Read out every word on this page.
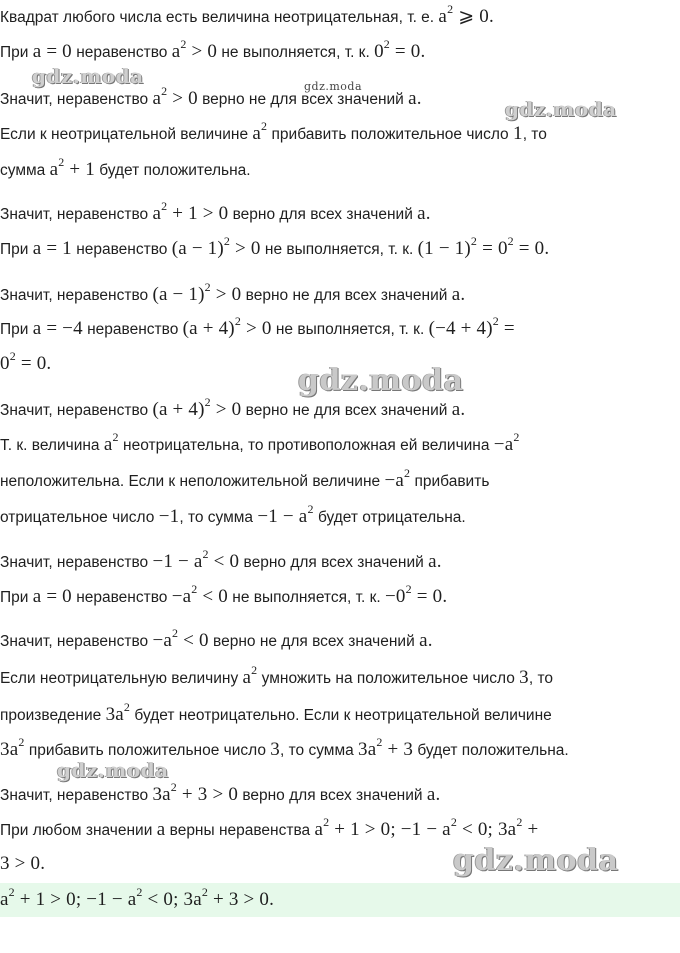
Квадрат любого числа есть величина неотрицательная, т. е. $a^2$ ⩾ 0.
При a = 0 неравенство $a^2 > 0$ не выполняется, т. к. $0^2 = 0$.
Значит, неравенство $a^2 > 0$ верно не для всех значений a.
Если к неотрицательной величине $a^2$ прибавить положительное число 1, то
сумма $a^2 + 1$ будет положительна.
Значит, неравенство $a^2 + 1 > 0$ верно для всех значений a.
При a = 1 неравенство $(a - 1)^2 > 0$ не выполняется, т. к. $(1 - 1)^2 = 0^2 = 0$.
Значит, неравенство $(a - 1)^2 > 0$ верно не для всех значений a.
При a = −4 неравенство $(a + 4)^2 > 0$ не выполняется, т. к. $(-4 + 4)^2$ =
$0^2 = 0$.
Значит, неравенство $(a + 4)^2 > 0$ верно не для всех значений a.
Т. к. величина $a^2$ неотрицательна, то противоположная ей величина $-a^2$
неположительна. Если к неположительной величине $-a^2$ прибавить
отрицательное число −1, то сумма $-1 - a^2$ будет отрицательна.
Значит, неравенство $-1 - a^2 < 0$ верно для всех значений a.
При a = 0 неравенство $-a^2 < 0$ не выполняется, т. к. $-0^2 = 0$.
Значит, неравенство $-a^2 < 0$ верно не для всех значений a.
Если неотрицательную величину $a^2$ умножить на положительное число 3, то
произведение $3a^2$ будет неотрицательно. Если к неотрицательной величине
$3a^2$ прибавить положительное число 3, то сумма $3a^2 + 3$ будет положительна.
Значит, неравенство $3a^2 + 3 > 0$ верно для всех значений a.
При любом значении a верны неравенства $a^2 + 1 > 0$; $-1 - a^2 < 0$; $3a^2$ +
3 > 0.
$a^2 + 1 > 0$; $-1 - a^2 < 0$; $3a^2 + 3 > 0$.
gdz.moda	gdz.moda
gdz.moda
gdz.moda
gdz.moda
gdz.moda
